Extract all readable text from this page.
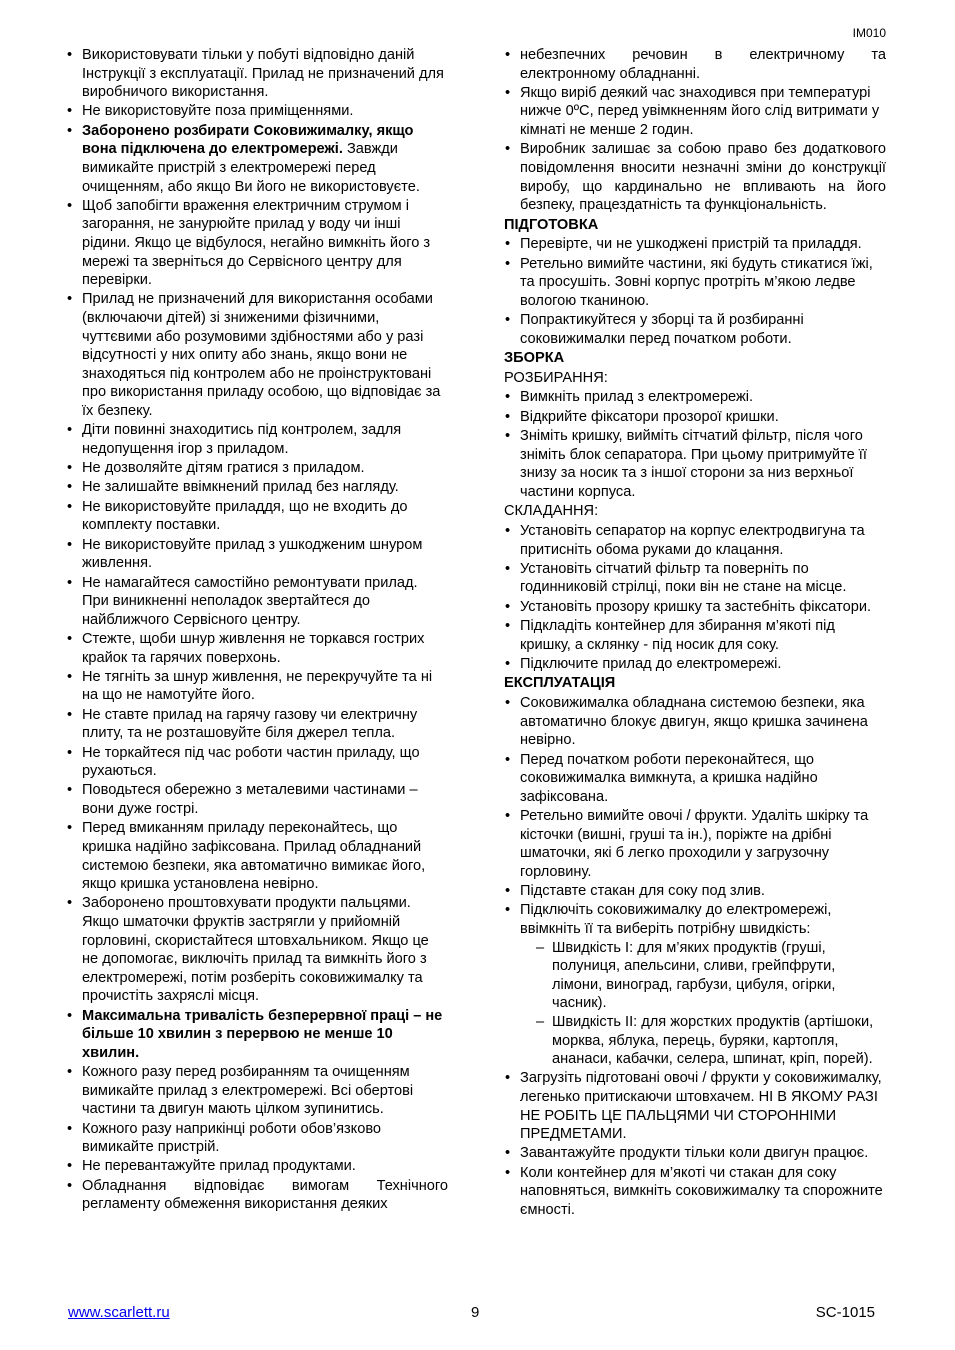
IM010
• Використовувати тільки у побуті відповідно даній Інструкції з експлуатації. Прилад не призначений для виробничого використання.
• Не використовуйте поза приміщеннями.
• Заборонено розбирати Соковижималку, якщо вона підключена до електромережі. Завжди вимикайте пристрій з електромережі перед очищенням, або якщо Ви його не використовуєте.
• Щоб запобігти враження електричним струмом і загорання, не занурюйте прилад у воду чи інші рідини. Якщо це відбулося, негайно вимкніть його з мережі та зверніться до Сервісного центру для перевірки.
• Прилад не призначений для використання особами (включаючи дітей) зі зниженими фізичними, чуттєвими або розумовими здібностями або у разі відсутності у них опиту або знань, якщо вони не знаходяться під контролем або не проінструктовані про використання приладу особою, що відповідає за їх безпеку.
• Діти повинні знаходитись під контролем, задля недопущення ігор з приладом.
• Не дозволяйте дітям гратися з приладом.
• Не залишайте ввімкнений прилад без нагляду.
• Не використовуйте приладдя, що не входить до комплекту поставки.
• Не використовуйте прилад з ушкодженим шнуром живлення.
• Не намагайтеся самостійно ремонтувати прилад. При виникненні неполадок звертайтеся до найближчого Сервісного центру.
• Стежте, щоби шнур живлення не торкався гострих крайок та гарячих поверхонь.
• Не тягніть за шнур живлення, не перекручуйте та ні на що не намотуйте його.
• Не ставте прилад на гарячу газову чи електричну плиту, та не розташовуйте біля джерел тепла.
• Не торкайтеся під час роботи частин приладу, що рухаються.
• Поводьтеся обережно з металевими частинами – вони дуже гострі.
• Перед вмиканням приладу переконайтесь, що кришка надійно зафіксована. Прилад обладнаний системою безпеки, яка автоматично вимикає його, якщо кришка установлена невірно.
• Заборонено проштовхувати продукти пальцями. Якщо шматочки фруктів застрягли у прийомній горловині, скористайтеся штовхальником. Якщо це не допомогає, виключіть прилад та вимкніть його з електромережі, потім розберіть соковижималку та прочистіть захряслі місця.
• Максимальна тривалість безперервної праці – не більше 10 хвилин з перервою не менше 10 хвилин.
• Кожного разу перед розбиранням та очищенням вимикайте прилад з електромережі. Всі обертові частини та двигун мають цілком зупинитись.
• Кожного разу наприкінці роботи обов’язково вимикайте пристрій.
• Не перевантажуйте прилад продуктами.
• Обладнання відповідає вимогам Технічного регламенту обмеження використання деяких
• небезпечних речовин в електричному та електронному обладнанні.
• Якщо виріб деякий час знаходився при температурі нижче 0ºC, перед увімкненням його слід витримати у кімнаті не менше 2 годин.
• Виробник залишає за собою право без додаткового повідомлення вносити незначні зміни до конструкції виробу, що кардинально не впливають на його безпеку, працездатність та функціональність.
ПІДГОТОВКА
• Перевірте, чи не ушкоджені пристрій та приладдя.
• Ретельно вимийте частини, які будуть стикатися їжі, та просушіть. Зовні корпус протріть м’якою ледве вологою тканиною.
• Попрактикуйтеся у зборці та й розбиранні соковижималки перед початком роботи.
ЗБОРКА
РОЗБИРАННЯ:
• Вимкніть прилад з електромережі.
• Відкрийте фіксатори прозорої кришки.
• Зніміть кришку, вийміть сітчатий фільтр, після чого зніміть блок сепаратора. При цьому притримуйте її знизу за носик та з іншої сторони за низ верхньої частини корпуса.
СКЛАДАННЯ:
• Установіть сепаратор на корпус електродвигуна та притисніть обома руками до клацання.
• Установіть сітчатий фільтр та поверніть по годинниковій стрілці, поки він не стане на місце.
• Установіть прозору кришку та застебніть фіксатори.
• Підкладіть контейнер для збирання м’якоті під кришку, а склянку - під носик для соку.
• Підключите прилад до електромережі.
ЕКСПЛУАТАЦІЯ
• Соковижималка обладнана системою безпеки, яка автоматично блокує двигун, якщо кришка зачинена невірно.
• Перед початком роботи переконайтеся, що соковижималка вимкнута, а кришка надійно зафіксована.
• Ретельно вимийте овочі / фрукти. Удаліть шкірку та кісточки (вишні, груші та ін.), поріжте на дрібні шматочки, які б легко проходили у загрузочну горловину.
• Підставте стакан для соку под злив.
• Підключіть соковижималку до електромережі, ввімкніть її та виберіть потрібну швидкість:
– Швидкість I: для м’яких продуктів (груші, полуниця, апельсини, сливи, грейпфрути, лімони, виноград, гарбузи, цибуля, огірки, часник).
– Швидкість II: для жорстких продуктів (артішоки, морква, яблука, перець, буряки, картопля, ананаси, кабачки, селера, шпинат, кріп, порей).
• Загрузіть підготовані овочі / фрукти у соковижималку, легенько притискаючи штовхачем. НІ В ЯКОМУ РАЗІ НЕ РОБІТЬ ЦЕ ПАЛЬЦЯМИ ЧИ СТОРОННІМИ ПРЕДМЕТАМИ.
• Завантажуйте продукти тільки коли двигун працює.
• Коли контейнер для м’якоті чи стакан для соку наповняться, вимкніть соковижималку та спорожните ємності.
www.scarlett.ru	9	SC-1015
